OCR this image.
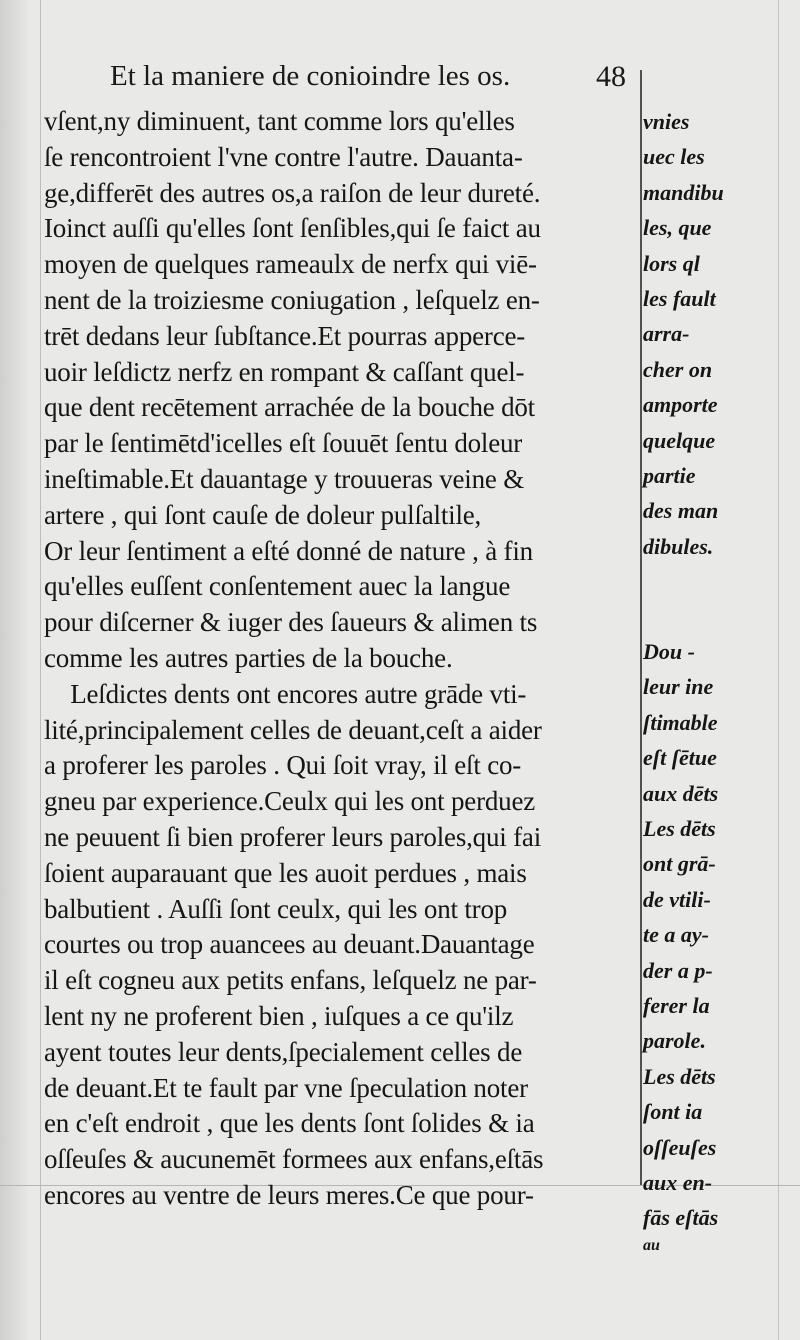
Et la maniere de conioindre les os.	48
vſent,ny diminuent, tant comme lors qu'elles
ſe rencontroient l'vne contre l'autre. Dauanta-
ge,differēt des autres os,a raiſon de leur dureté.
Ioinct auſſi qu'elles ſont ſenſibles,qui ſe faict au
moyen de quelques rameaulx de nerfx qui viē-
nent de la troiziesme coniugation , leſquelz en-
trēt dedans leur ſubſtance.Et pourras apperce-
uoir leſdictz nerfz en rompant & caſſant quel-
que dent recētement arrachée de la bouche dōt
par le ſentimētd'icelles eſt ſouuēt ſentu doleur
ineſtimable.Et dauantage y trouueras veine &
artere , qui ſont cauſe de doleur pulſaltile,
Or leur ſentiment a eſté donné de nature , à fin
qu'elles euſſent conſentement auec la langue
pour diſcerner & iuger des ſaueurs & alimen ts
comme les autres parties de la bouche.
Leſdictes dents ont encores autre grāde vti-
lité,principalement celles de deuant,ceſt a aider
a proferer les paroles . Qui ſoit vray, il eſt co-
gneu par experience.Ceulx qui les ont perduez
ne peuuent ſi bien proferer leurs paroles,qui fai
ſoient auparauant que les auoit perdues , mais
balbutient . Auſſi ſont ceulx, qui les ont trop
courtes ou trop auancees au deuant.Dauantage
il eſt cogneu aux petits enfans, leſquelz ne par-
lent ny ne proferent bien , iuſques a ce qu'ilz
ayent toutes leur dents,ſpecialement celles de
de deuant.Et te fault par vne ſpeculation noter
en c'eſt endroit , que les dents ſont ſolides & ia
oſſeuſes & aucunemēt formees aux enfans,eſtās
encores au ventre de leurs meres.Ce que pour-
vnies
uec les
mandibu
les, que
lors ql
les fault
arra-
cher on
amporte
quelque
partie
des man
dibules.
Dou -
leur ine
ſtimable
eſt ſētue
aux dēts
Les dēts
ont grā-
de vtili-
te a ay-
der a p-
ferer la
parole.
Les dēts
ſont ia
oſſeuſes
aux en-
fās eſtās
au
